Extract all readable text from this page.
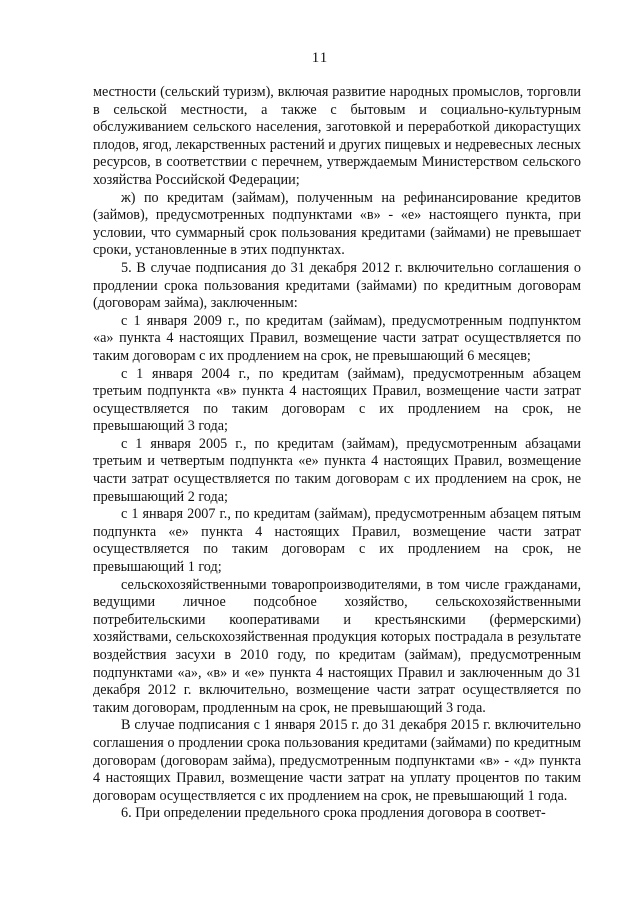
11

местности (сельский туризм), включая развитие народных промыслов, торговли в сельской местности, а также с бытовым и социально-культурным обслуживанием сельского населения, заготовкой и переработкой дикорастущих плодов, ягод, лекарственных растений и других пищевых и недревесных лесных ресурсов, в соответствии с перечнем, утверждаемым Министерством сельского хозяйства Российской Федерации;

ж) по кредитам (займам), полученным на рефинансирование кредитов (займов), предусмотренных подпунктами «в» - «е» настоящего пункта, при условии, что суммарный срок пользования кредитами (займами) не превышает сроки, установленные в этих подпунктах.

5. В случае подписания до 31 декабря 2012 г. включительно соглашения о продлении срока пользования кредитами (займами) по кредитным договорам (договорам займа), заключенным:

с 1 января 2009 г., по кредитам (займам), предусмотренным подпунктом «а» пункта 4 настоящих Правил, возмещение части затрат осуществляется по таким договорам с их продлением на срок, не превышающий 6 месяцев;

с 1 января 2004 г., по кредитам (займам), предусмотренным абзацем третьим подпункта «в» пункта 4 настоящих Правил, возмещение части затрат осуществляется по таким договорам с их продлением на срок, не превышающий 3 года;

с 1 января 2005 г., по кредитам (займам), предусмотренным абзацами третьим и четвертым подпункта «е» пункта 4 настоящих Правил, возмещение части затрат осуществляется по таким договорам с их продлением на срок, не превышающий 2 года;

с 1 января 2007 г., по кредитам (займам), предусмотренным абзацем пятым подпункта «е» пункта 4 настоящих Правил, возмещение части затрат осуществляется по таким договорам с их продлением на срок, не превышающий 1 год;

сельскохозяйственными товаропроизводителями, в том числе гражданами, ведущими личное подсобное хозяйство, сельскохозяйственными потребительскими кооперативами и крестьянскими (фермерскими) хозяйствами, сельскохозяйственная продукция которых пострадала в результате воздействия засухи в 2010 году, по кредитам (займам), предусмотренным подпунктами «а», «в» и «е» пункта 4 настоящих Правил и заключенным до 31 декабря 2012 г. включительно, возмещение части затрат осуществляется по таким договорам, продленным на срок, не превышающий 3 года.

В случае подписания с 1 января 2015 г. до 31 декабря 2015 г. включительно соглашения о продлении срока пользования кредитами (займами) по кредитным договорам (договорам займа), предусмотренным подпунктами «в» - «д» пункта 4 настоящих Правил, возмещение части затрат на уплату процентов по таким договорам осуществляется с их продлением на срок, не превышающий 1 года.

6. При определении предельного срока продления договора в соответ-
